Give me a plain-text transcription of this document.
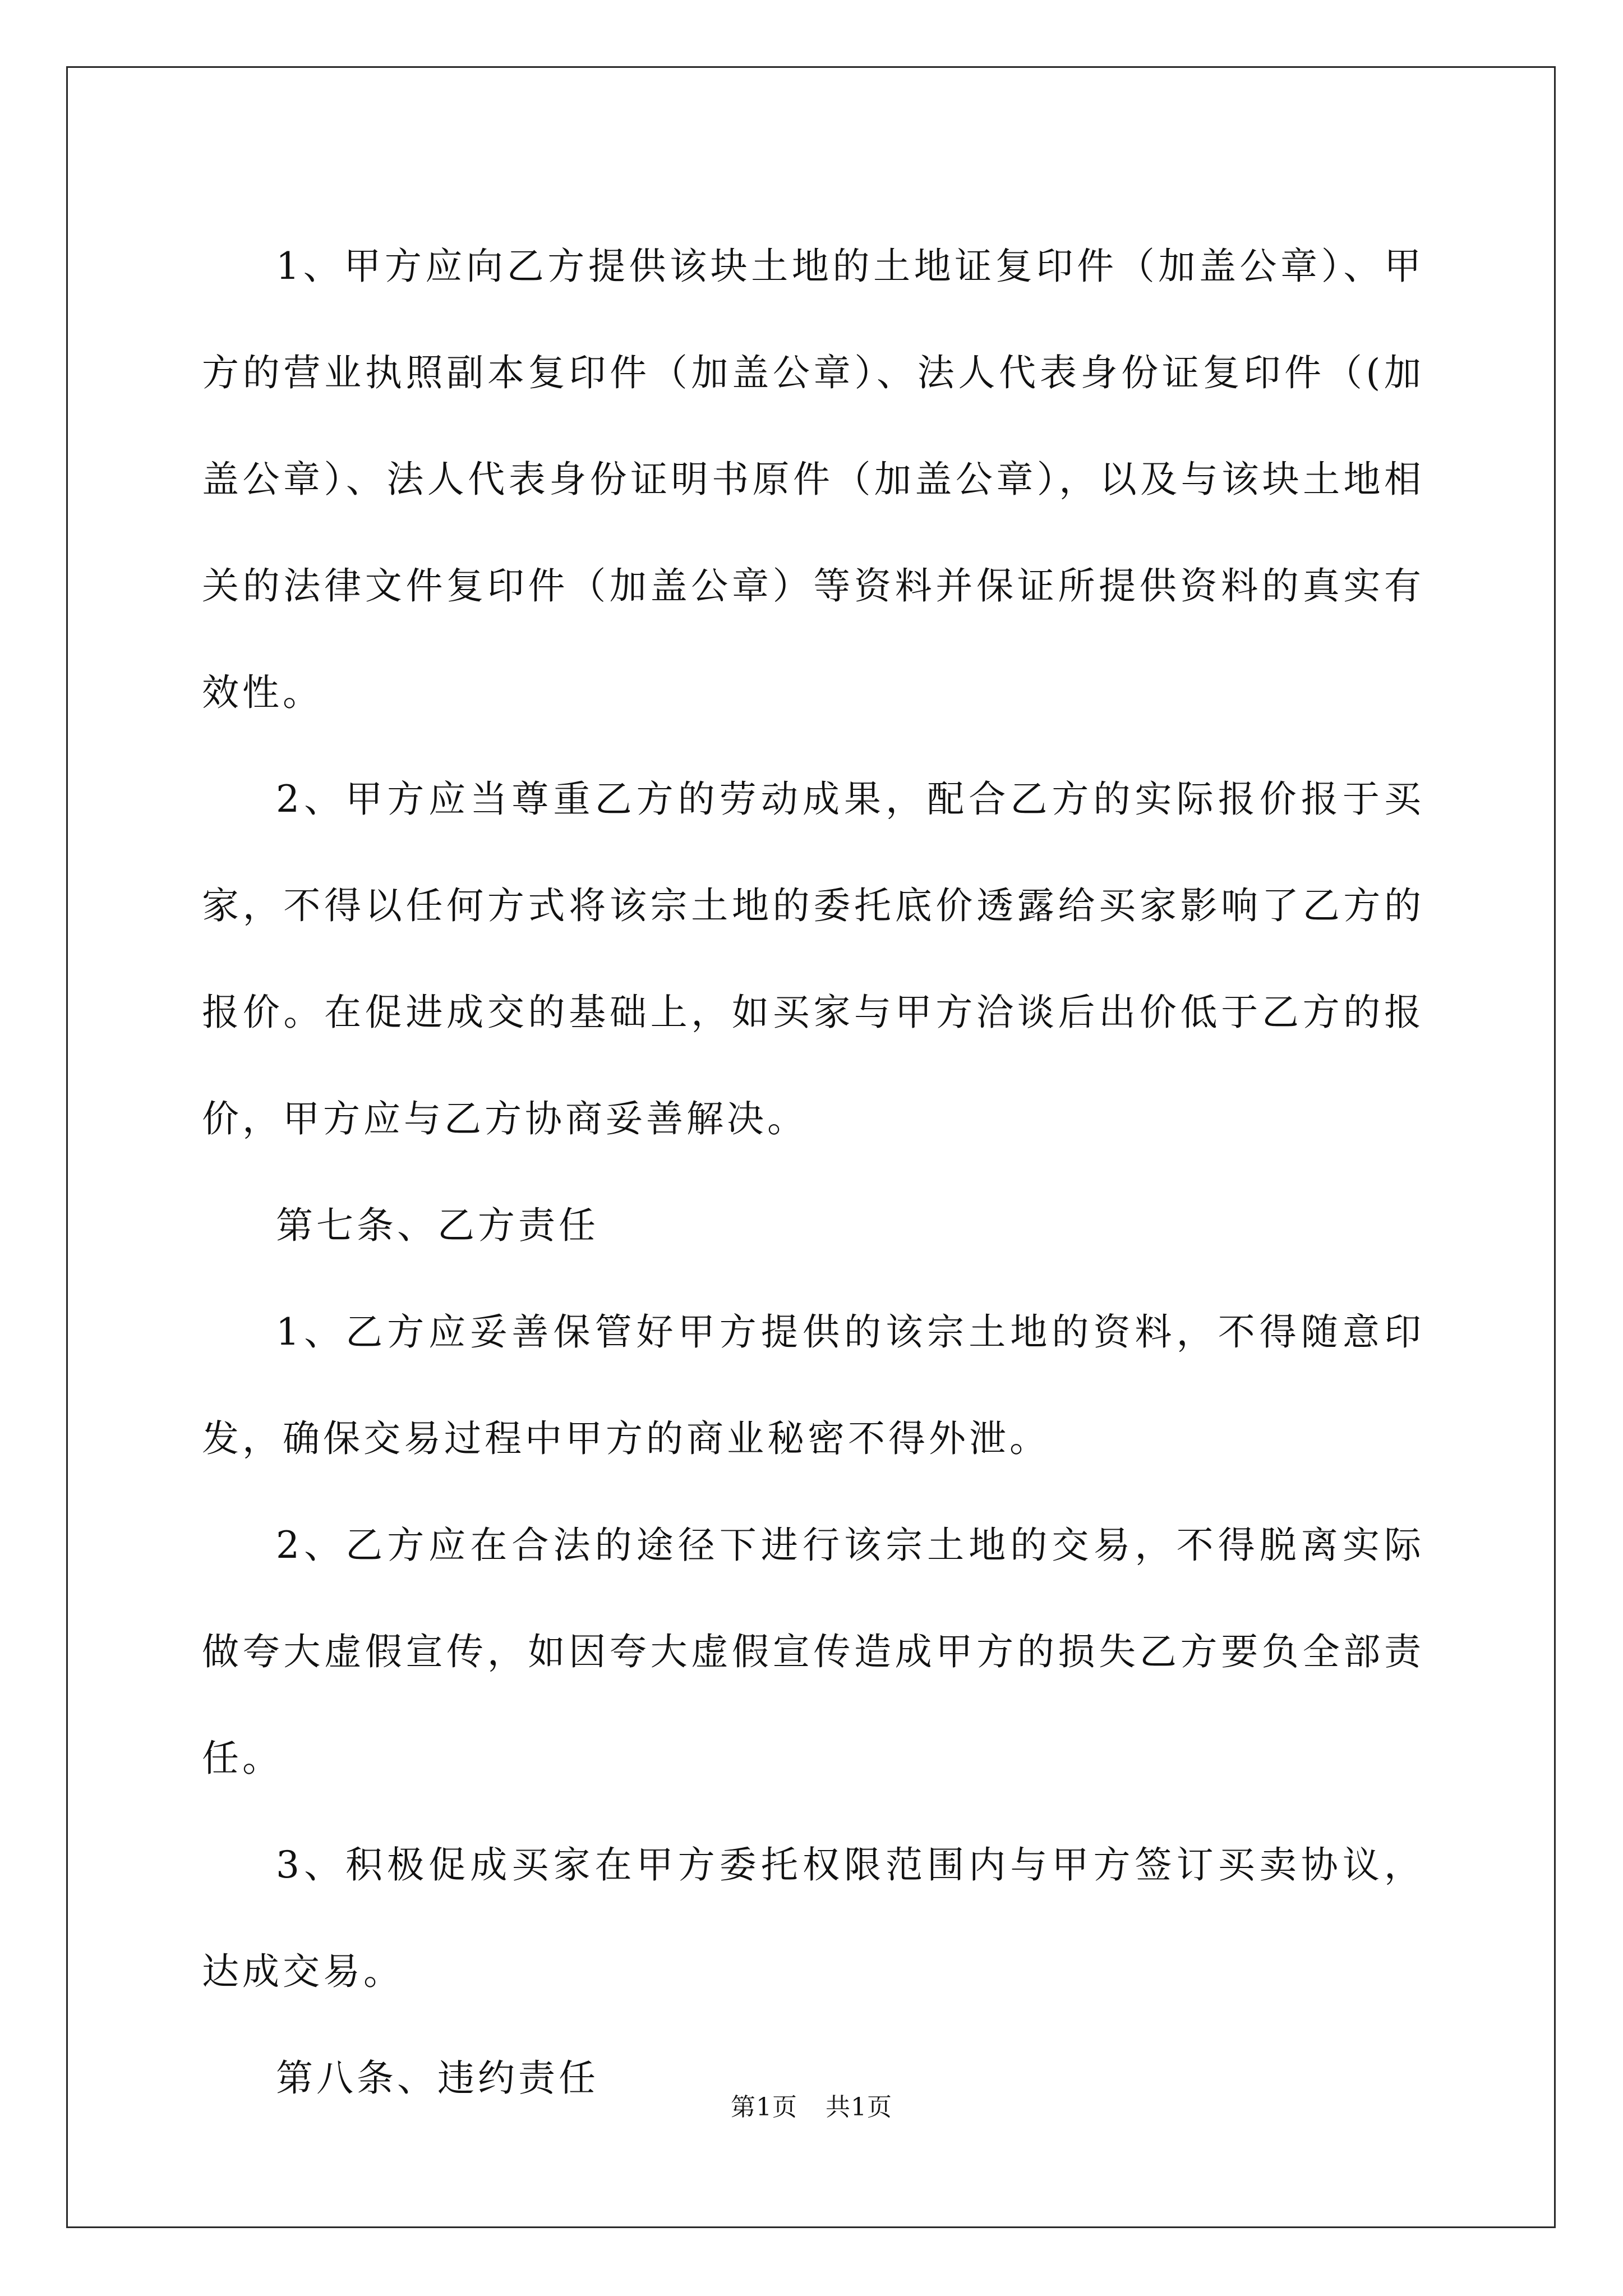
1、甲方应向乙方提供该块土地的土地证复印件（加盖公章）、甲方的营业执照副本复印件（加盖公章）、法人代表身份证复印件（(加盖公章）、法人代表身份证明书原件（加盖公章），以及与该块土地相关的法律文件复印件（加盖公章）等资料并保证所提供资料的真实有效性。

2、甲方应当尊重乙方的劳动成果，配合乙方的实际报价报于买家，不得以任何方式将该宗土地的委托底价透露给买家影响了乙方的报价。在促进成交的基础上，如买家与甲方洽谈后出价低于乙方的报价，甲方应与乙方协商妥善解决。

第七条、乙方责任

1、乙方应妥善保管好甲方提供的该宗土地的资料，不得随意印发，确保交易过程中甲方的商业秘密不得外泄。

2、乙方应在合法的途径下进行该宗土地的交易，不得脱离实际做夸大虚假宣传，如因夸大虚假宣传造成甲方的损失乙方要负全部责任。

3、积极促成买家在甲方委托权限范围内与甲方签订买卖协议，达成交易。

第八条、违约责任

第1页 共1页
